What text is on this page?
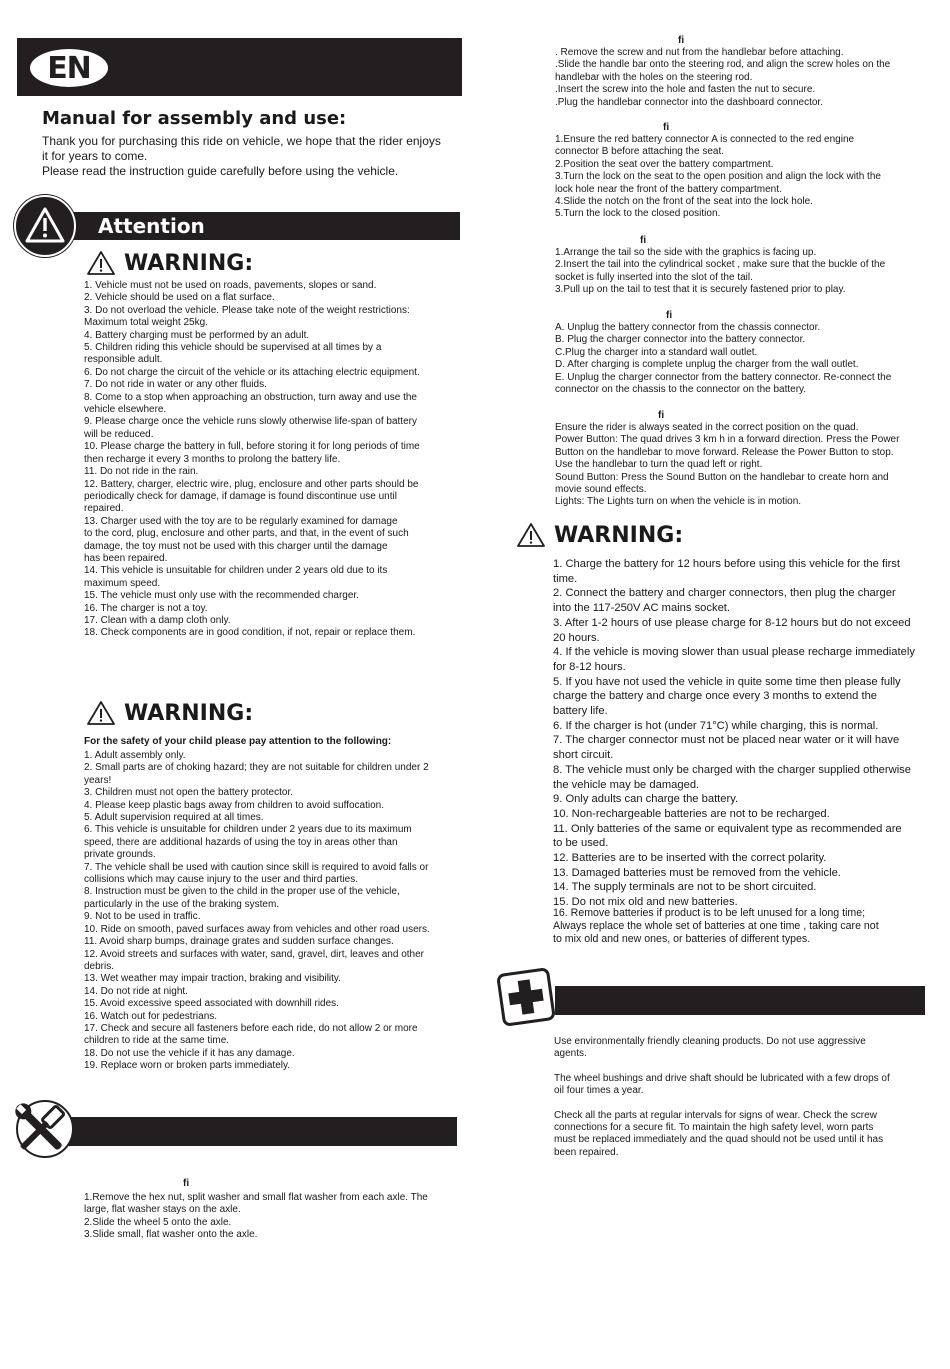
EN
Manual for assembly and use:

Thank you for purchasing this ride on vehicle, we hope that the rider enjoys

it for years to come.

Please read the instruction guide carefully before using the vehicle.

Attention
WARNING:
1. Vehicle must not be used on roads, pavements, slopes or sand.
2. Vehicle should be used on a flat surface.
3. Do not overload the vehicle. Please take note of the weight restrictions:
Maximum total weight 25kg.
4. Battery charging must be performed by an adult.
5. Children riding this vehicle should be supervised at all times by a
responsible adult.
6. Do not charge the circuit of the vehicle or its attaching electric equipment.
7. Do not ride in water or any other fluids.
8. Come to a stop when approaching an obstruction, turn away and use the
vehicle elsewhere.
9. Please charge once the vehicle runs slowly otherwise life-span of battery
will be reduced.
10. Please charge the battery in full, before storing it for long periods of time
then recharge it every 3 months to prolong the battery life.
11. Do not ride in the rain.
12. Battery, charger, electric wire, plug, enclosure and other parts should be
periodically check for damage, if damage is found discontinue use until
repaired.
13. Charger used with the toy are to be regularly examined for damage
to the cord, plug, enclosure and other parts, and that, in the event of such
damage, the toy must not be used with this charger until the damage
has been repaired.
14. This vehicle is unsuitable for children under 2 years old due to its
maximum speed.
15. The vehicle must only use with the recommended charger.
16. The charger is not a toy.
17. Clean with a damp cloth only.
18. Check components are in good condition, if not, repair or replace them.
WARNING:
For the safety of your child please pay attention to the following:
1. Adult assembly only.
2. Small parts are of choking hazard; they are not suitable for children under 2
years!
3. Children must not open the battery protector.
4. Please keep plastic bags away from children to avoid suffocation.
5. Adult supervision required at all times.
6. This vehicle is unsuitable for children under 2 years due to its maximum
speed, there are additional hazards of using the toy in areas other than
private grounds.
7. The vehicle shall be used with caution since skill is required to avoid falls or
collisions which may cause injury to the user and third parties.
8. Instruction must be given to the child in the proper use of the vehicle,
particularly in the use of the braking system.
9. Not to be used in traffic.
10. Ride on smooth, paved surfaces away from vehicles and other road users.
11. Avoid sharp bumps, drainage grates and sudden surface changes.
12. Avoid streets and surfaces with water, sand, gravel, dirt, leaves and other
debris.
13. Wet weather may impair traction, braking and visibility.
14. Do not ride at night.
15. Avoid excessive speed associated with downhill rides.
16. Watch out for pedestrians.
17. Check and secure all fasteners before each ride, do not allow 2 or more
children to ride at the same time.
18. Do not use the vehicle if it has any damage.
19. Replace worn or broken parts immediately.
fi
1.Remove the hex nut, split washer and small flat washer from each axle. The
large, flat washer stays on the axle.
2.Slide the wheel 5 onto the axle.
3.Slide small, flat washer onto the axle.
fi
. Remove the screw and nut from the handlebar before attaching.
.Slide the handle bar onto the steering rod, and align the screw holes on the
handlebar with the holes on the steering rod.
.Insert the screw into the hole and fasten the nut to secure.
.Plug the handlebar connector into the dashboard connector.
fi
1.Ensure the red battery connector A is connected to the red engine
connector B before attaching the seat.
2.Position the seat over the battery compartment.
3.Turn the lock on the seat to the open position and align the lock with the
lock hole near the front of the battery compartment.
4.Slide the notch on the front of the seat into the lock hole.
5.Turn the lock to the closed position.
fi
1.Arrange the tail so the side with the graphics is facing up.
2.Insert the tail into the cylindrical socket , make sure that the buckle of the
socket is fully inserted into the slot of the tail.
3.Pull up on the tail to test that it is securely fastened prior to play.
fi
A. Unplug the battery connector from the chassis connector.
B. Plug the charger connector into the battery connector.
C.Plug the charger into a standard wall outlet.
D. After charging is complete unplug the charger from the wall outlet.
E. Unplug the charger connector from the battery connector. Re-connect the
connector on the chassis to the connector on the battery.
fi
Ensure the rider is always seated in the correct position on the quad.
Power Button: The quad drives 3 km h in a forward direction. Press the Power
Button on the handlebar to move forward. Release the Power Button to stop.
Use the handlebar to turn the quad left or right.
Sound Button: Press the Sound Button on the handlebar to create horn and
movie sound effects.
Lights: The Lights turn on when the vehicle is in motion.
WARNING:
1. Charge the battery for 12 hours before using this vehicle for the first
time.
2. Connect the battery and charger connectors, then plug the charger
into the 117-250V AC mains socket.
3. After 1-2 hours of use please charge for 8-12 hours but do not exceed
20 hours.
4. If the vehicle is moving slower than usual please recharge immediately
for 8-12 hours.
5. If you have not used the vehicle in quite some time then please fully
charge the battery and charge once every 3 months to extend the
battery life.
6. If the charger is hot (under 71°C) while charging, this is normal.
7. The charger connector must not be placed near water or it will have
short circuit.
8. The vehicle must only be charged with the charger supplied otherwise
the vehicle may be damaged.
9. Only adults can charge the battery.
10. Non-rechargeable batteries are not to be recharged.
11. Only batteries of the same or equivalent type as recommended are
to be used.
12. Batteries are to be inserted with the correct polarity.
13. Damaged batteries must be removed from the vehicle.
14. The supply terminals are not to be short circuited.
15. Do not mix old and new batteries.
16. Remove batteries if product is to be left unused for a long time;
Always replace the whole set of batteries at one time , taking care not
to mix old and new ones, or batteries of different types.
Use environmentally friendly cleaning products. Do not use aggressive
agents.
The wheel bushings and drive shaft should be lubricated with a few drops of
oil four times a year.
Check all the parts at regular intervals for signs of wear. Check the screw
connections for a secure fit. To maintain the high safety level, worn parts
must be replaced immediately and the quad should not be used until it has
been repaired.
